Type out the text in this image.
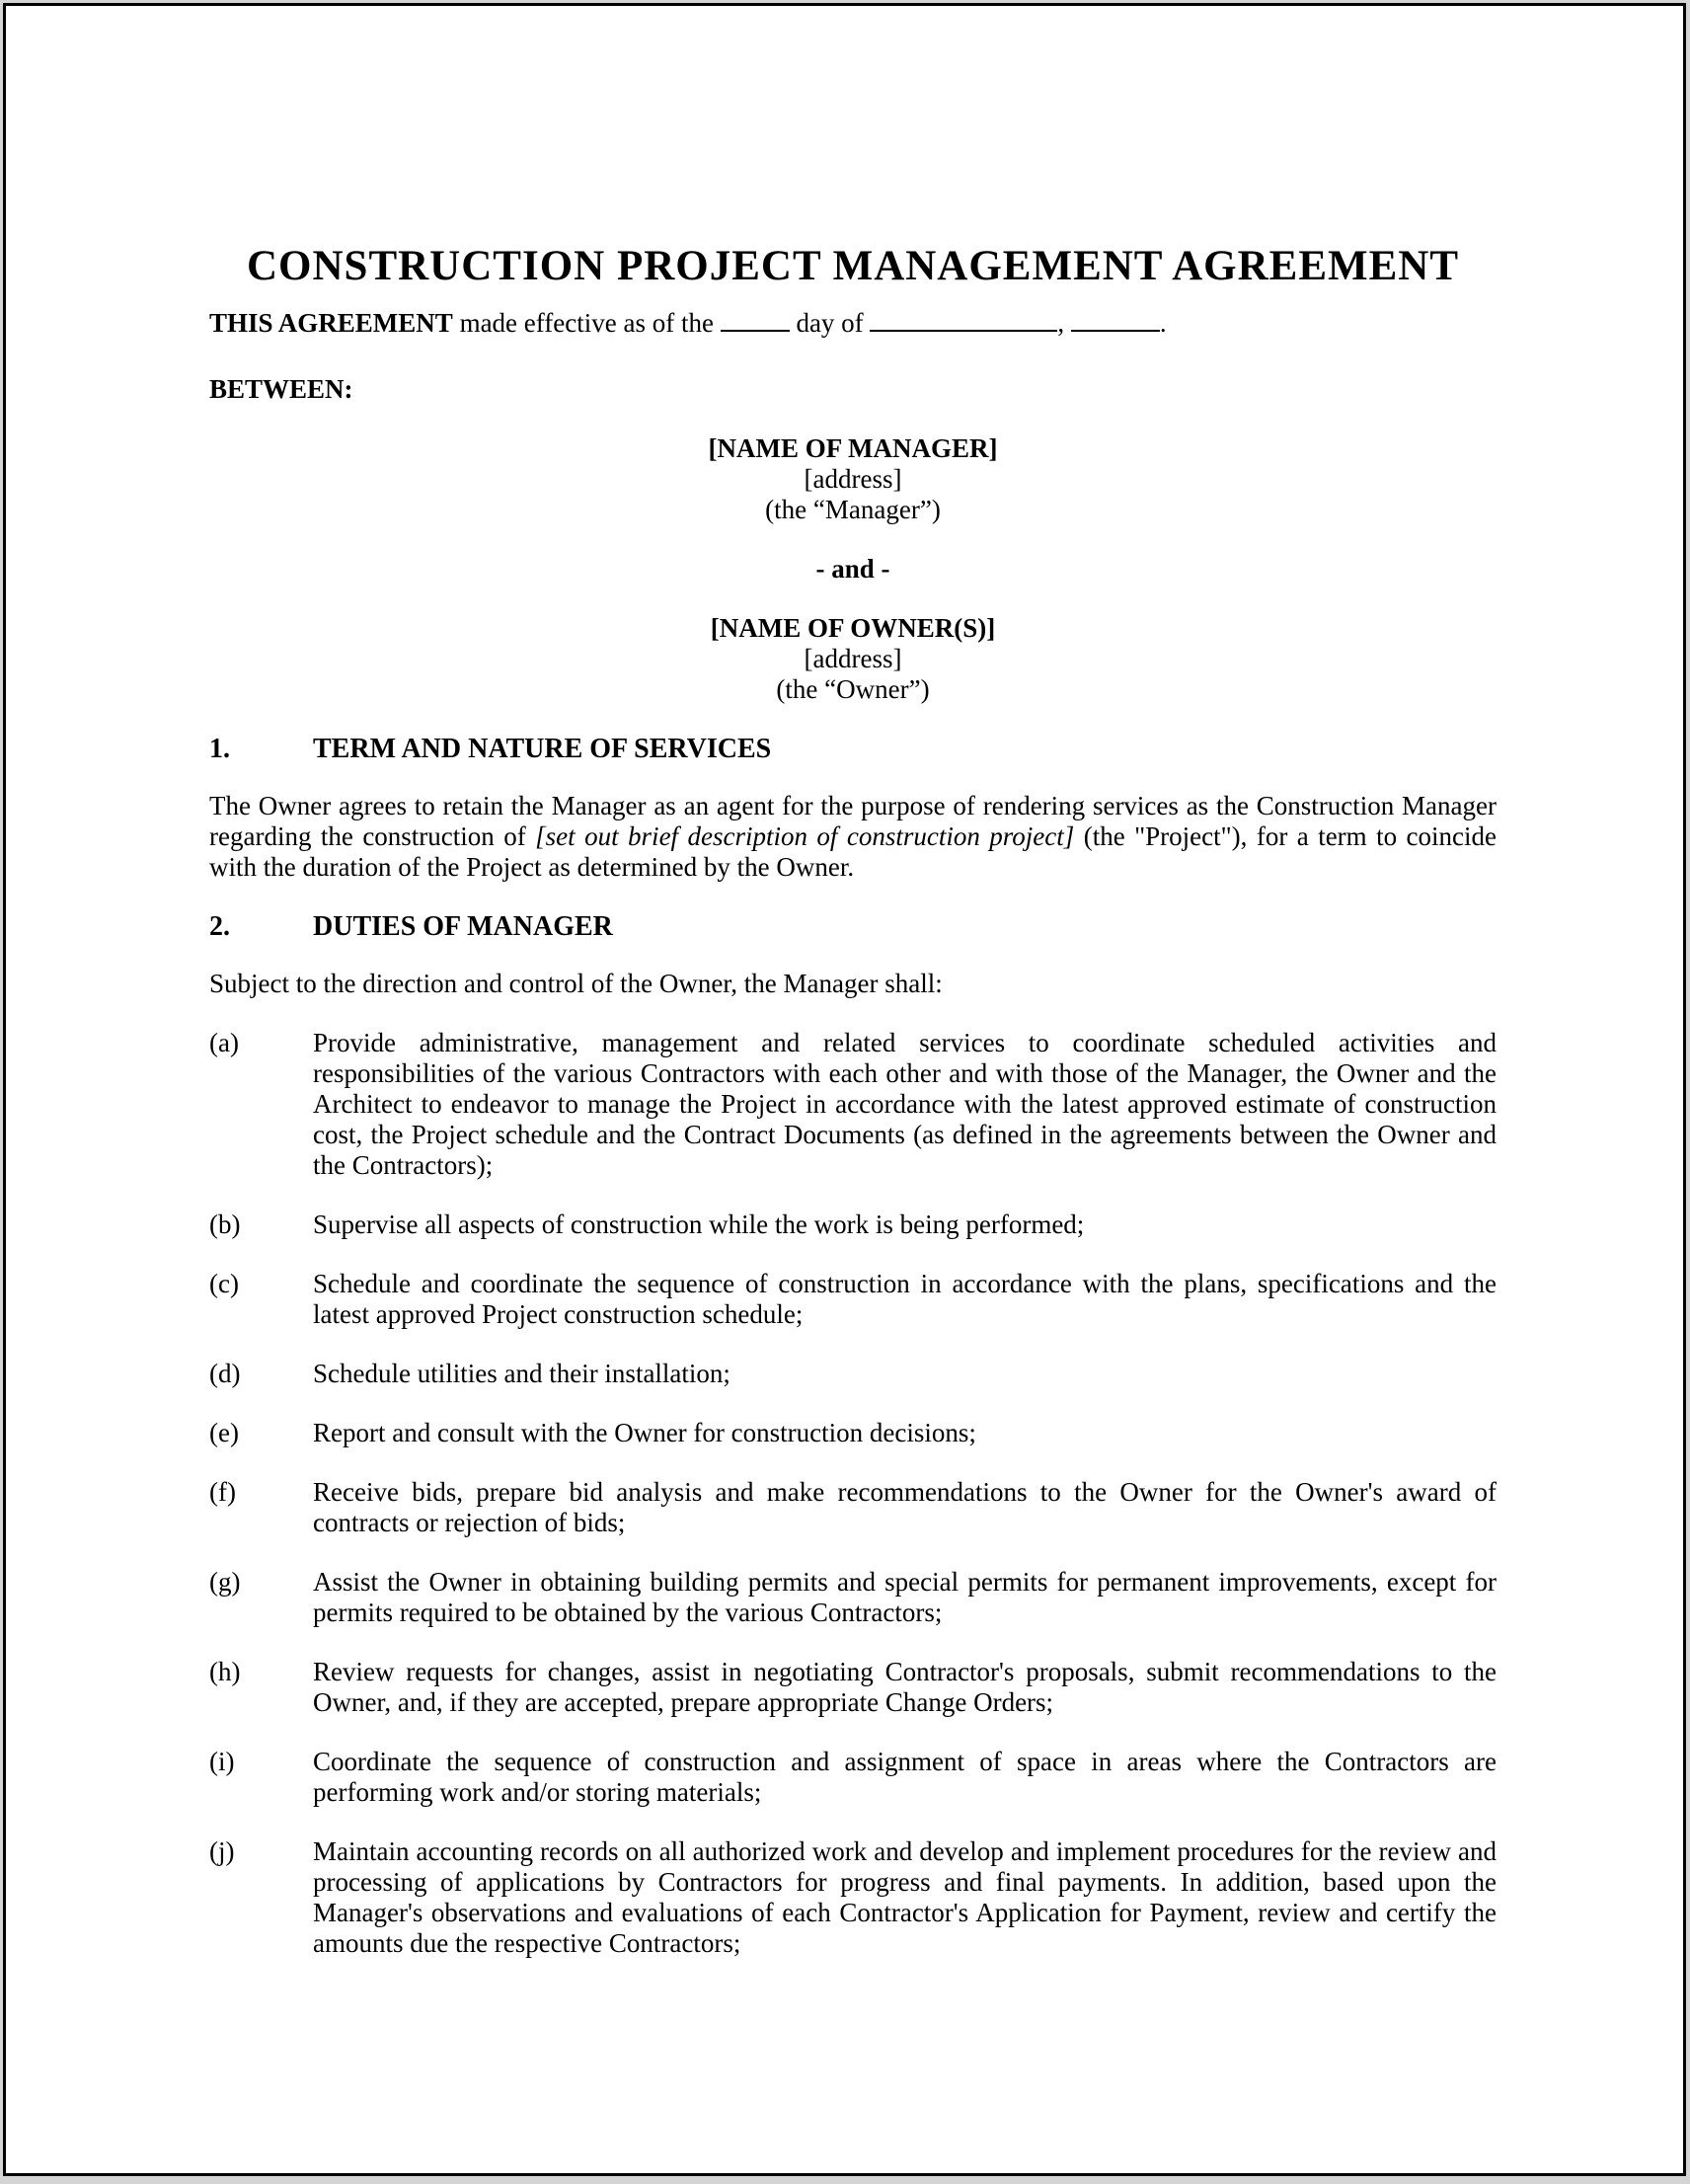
CONSTRUCTION PROJECT MANAGEMENT AGREEMENT

THIS AGREEMENT made effective as of the	day of	,	.

BETWEEN:

[NAME OF MANAGER]
[address]
(the “Manager”)
- and -
[NAME OF OWNER(S)]
[address]
(the “Owner”)
1.	TERM AND NATURE OF SERVICES

The Owner agrees to retain the Manager as an agent for the purpose of rendering services as the Construction Manager regarding the construction of [set out brief description of construction project] (the "Project"), for a term to coincide with the duration of the Project as determined by the Owner.

2.	DUTIES OF MANAGER

Subject to the direction and control of the Owner, the Manager shall:

(a)	Provide administrative, management and related services to coordinate scheduled activities and responsibilities of the various Contractors with each other and with those of the Manager, the Owner and the Architect to endeavor to manage the Project in accordance with the latest approved estimate of construction cost, the Project schedule and the Contract Documents (as defined in the agreements between the Owner and the Contractors);
(b)	Supervise all aspects of construction while the work is being performed;
(c)	Schedule and coordinate the sequence of construction in accordance with the plans, specifications and the latest approved Project construction schedule;
(d)	Schedule utilities and their installation;
(e)	Report and consult with the Owner for construction decisions;
(f)	Receive bids, prepare bid analysis and make recommendations to the Owner for the Owner's award of contracts or rejection of bids;
(g)	Assist the Owner in obtaining building permits and special permits for permanent improvements, except for permits required to be obtained by the various Contractors;
(h)	Review requests for changes, assist in negotiating Contractor's proposals, submit recommendations to the Owner, and, if they are accepted, prepare appropriate Change Orders;
(i)	Coordinate the sequence of construction and assignment of space in areas where the Contractors are performing work and/or storing materials;
(j)	Maintain accounting records on all authorized work and develop and implement procedures for the review and processing of applications by Contractors for progress and final payments. In addition, based upon the Manager's observations and evaluations of each Contractor's Application for Payment, review and certify the amounts due the respective Contractors;
